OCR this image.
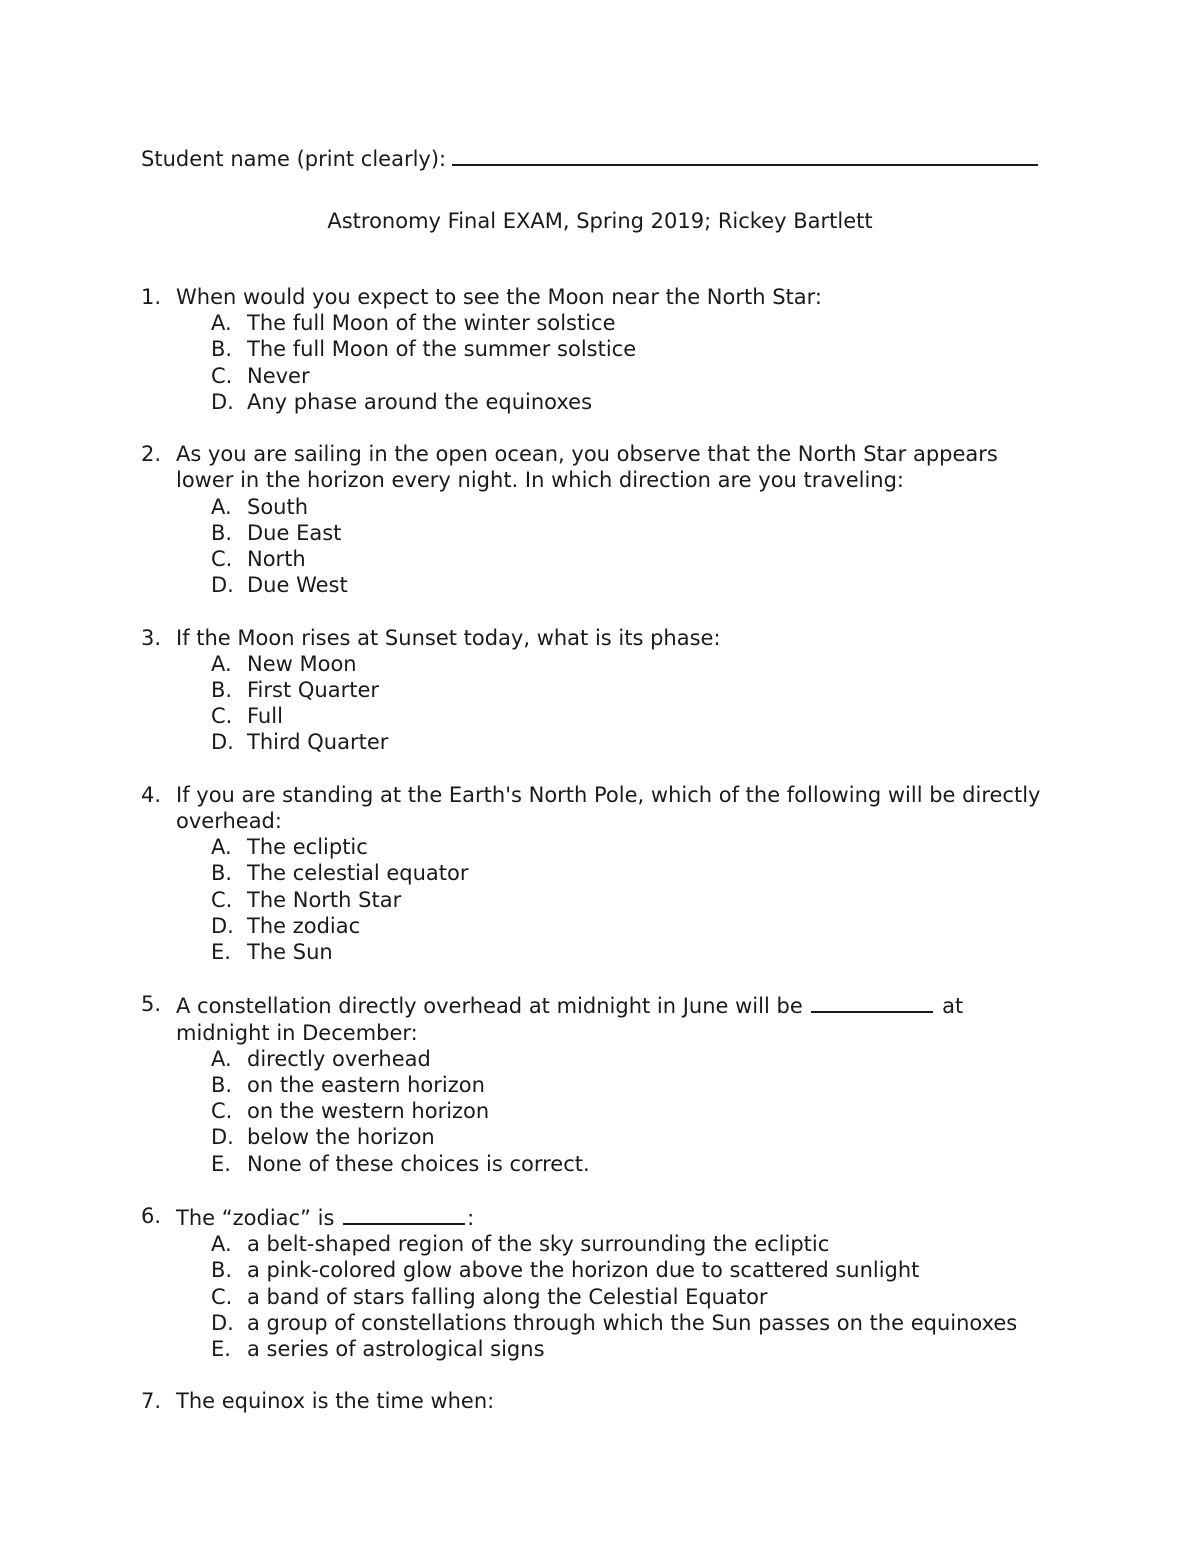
Student name (print clearly):
Astronomy Final EXAM, Spring 2019; Rickey Bartlett
1. When would you expect to see the Moon near the North Star:
A. The full Moon of the winter solstice
B. The full Moon of the summer solstice
C. Never
D. Any phase around the equinoxes
2. As you are sailing in the open ocean, you observe that the North Star appears lower in the horizon every night. In which direction are you traveling:
A. South
B. Due East
C. North
D. Due West
3. If the Moon rises at Sunset today, what is its phase:
A. New Moon
B. First Quarter
C. Full
D. Third Quarter
4. If you are standing at the Earth's North Pole, which of the following will be directly overhead:
A. The ecliptic
B. The celestial equator
C. The North Star
D. The zodiac
E. The Sun
5. A constellation directly overhead at midnight in June will be	at midnight in December:
A. directly overhead
B. on the eastern horizon
C. on the western horizon
D. below the horizon
E. None of these choices is correct.
6. The “zodiac” is	:
A. a belt-shaped region of the sky surrounding the ecliptic
B. a pink-colored glow above the horizon due to scattered sunlight
C. a band of stars falling along the Celestial Equator
D. a group of constellations through which the Sun passes on the equinoxes
E. a series of astrological signs
7. The equinox is the time when:
